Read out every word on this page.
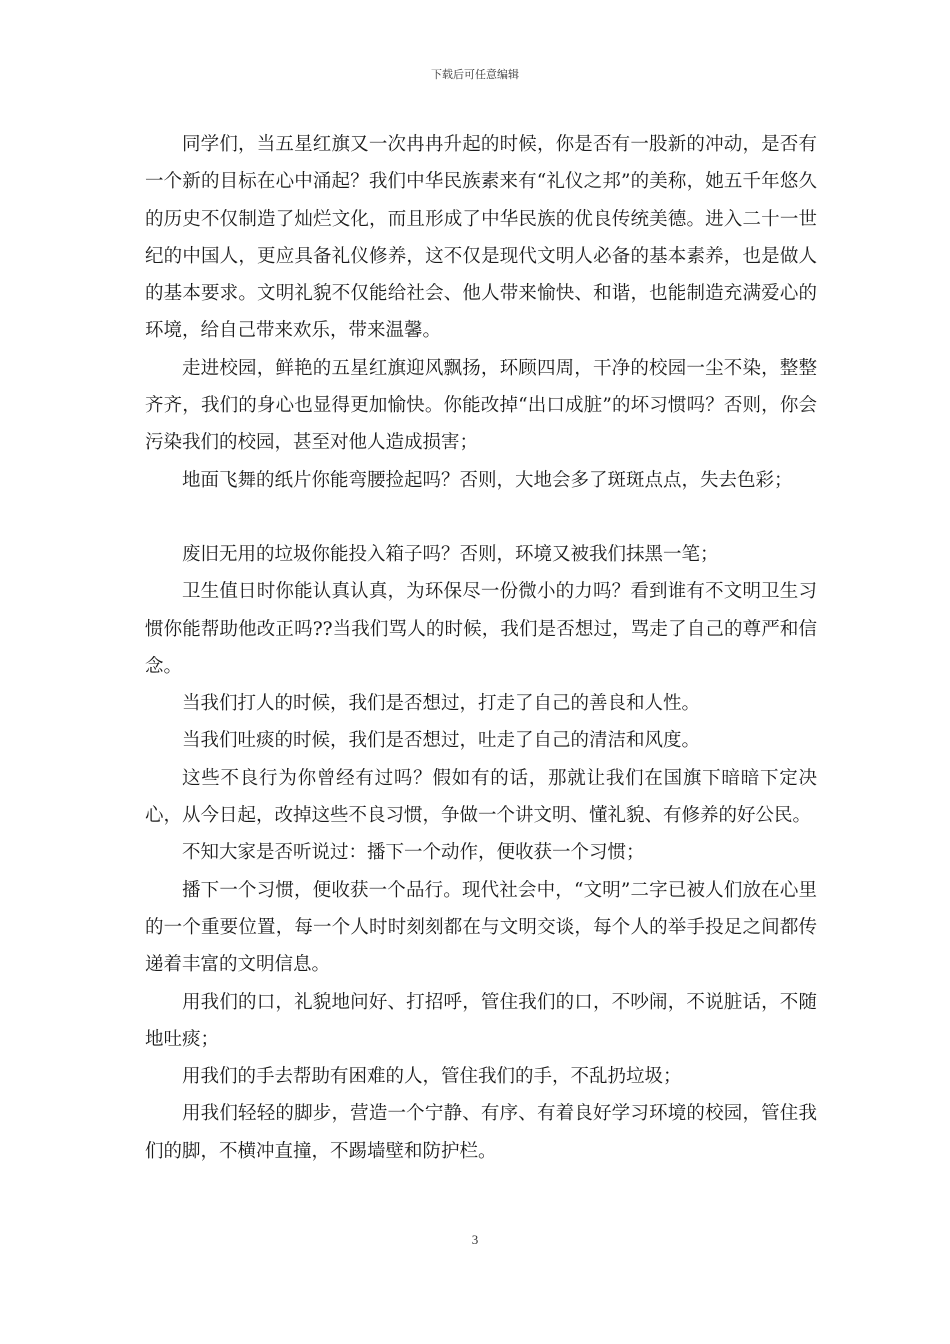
下载后可任意编辑

同学们，当五星红旗又一次冉冉升起的时候，你是否有一股新的冲动，是否有一个新的目标在心中涌起？我们中华民族素来有“礼仪之邦”的美称，她五千年悠久的历史不仅制造了灿烂文化，而且形成了中华民族的优良传统美德。进入二十一世纪的中国人，更应具备礼仪修养，这不仅是现代文明人必备的基本素养，也是做人的基本要求。文明礼貌不仅能给社会、他人带来愉快、和谐，也能制造充满爱心的环境，给自己带来欢乐，带来温馨。

走进校园，鲜艳的五星红旗迎风飘扬，环顾四周，干净的校园一尘不染，整整齐齐，我们的身心也显得更加愉快。你能改掉“出口成脏”的坏习惯吗？否则，你会污染我们的校园，甚至对他人造成损害；

地面飞舞的纸片你能弯腰捡起吗？否则，大地会多了斑斑点点，失去色彩；

废旧无用的垃圾你能投入箱子吗？否则，环境又被我们抹黑一笔；

卫生值日时你能认真认真，为环保尽一份微小的力吗？看到谁有不文明卫生习惯你能帮助他改正吗??当我们骂人的时候，我们是否想过，骂走了自己的尊严和信念。

当我们打人的时候，我们是否想过，打走了自己的善良和人性。

当我们吐痰的时候，我们是否想过，吐走了自己的清洁和风度。

这些不良行为你曾经有过吗？假如有的话，那就让我们在国旗下暗暗下定决心，从今日起，改掉这些不良习惯，争做一个讲文明、懂礼貌、有修养的好公民。

不知大家是否听说过：播下一个动作，便收获一个习惯；

播下一个习惯，便收获一个品行。现代社会中，“文明”二字已被人们放在心里的一个重要位置，每一个人时时刻刻都在与文明交谈，每个人的举手投足之间都传递着丰富的文明信息。

用我们的口，礼貌地问好、打招呼，管住我们的口，不吵闹，不说脏话，不随地吐痰；

用我们的手去帮助有困难的人，管住我们的手，不乱扔垃圾；

用我们轻轻的脚步，营造一个宁静、有序、有着良好学习环境的校园，管住我们的脚，不横冲直撞，不踢墙壁和防护栏。

3
